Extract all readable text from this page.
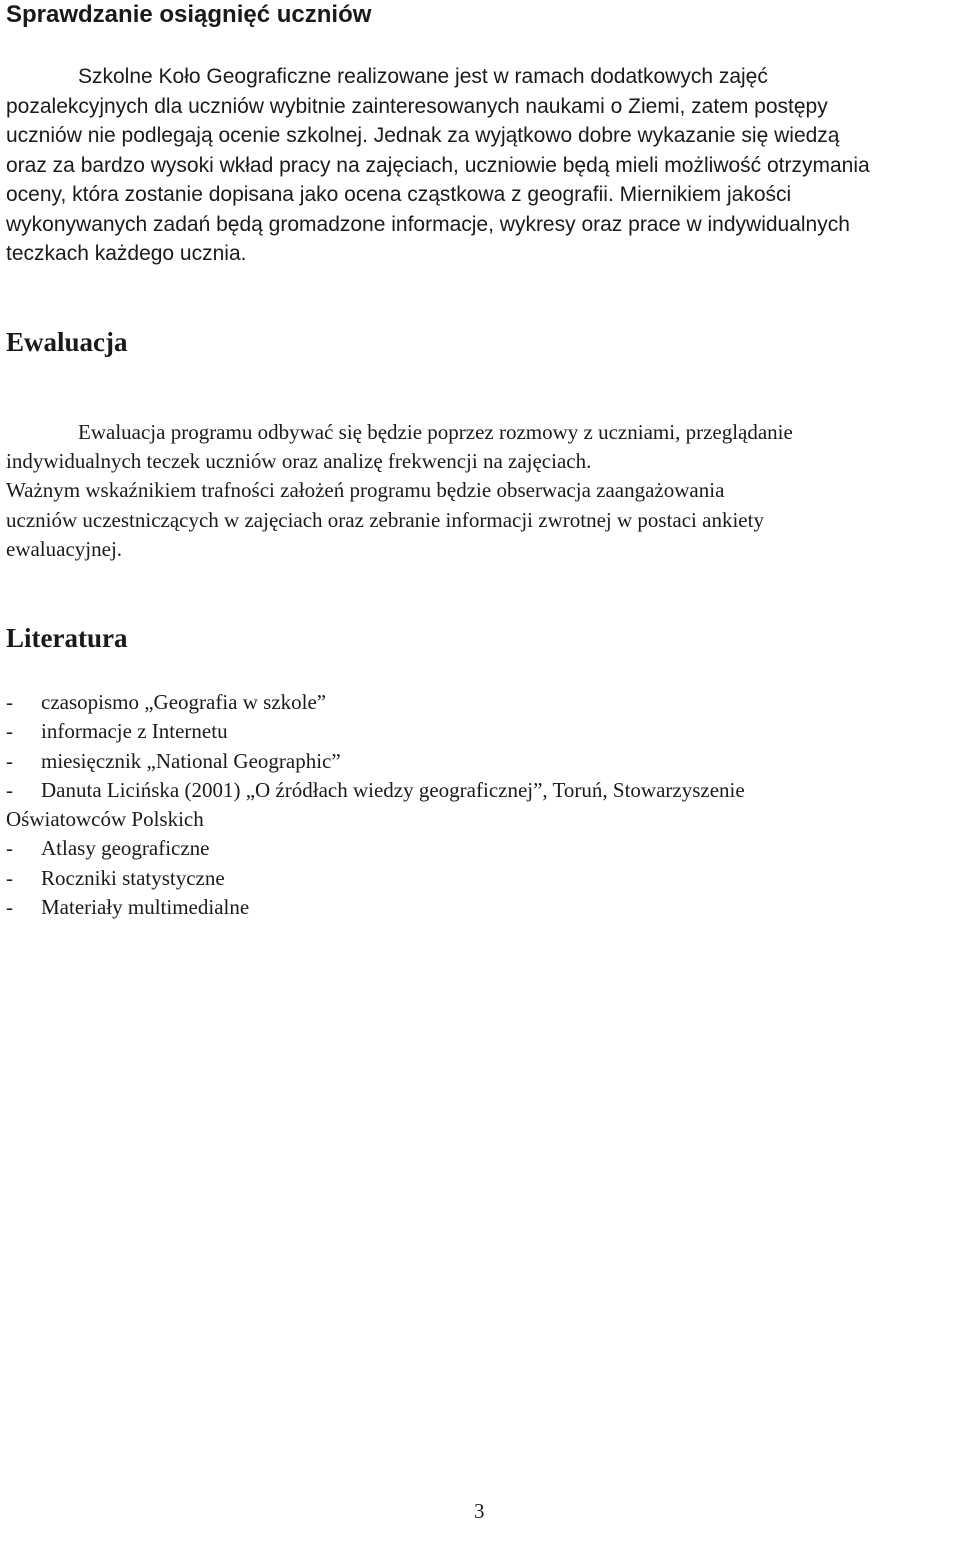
Sprawdzanie osiągnięć uczniów
Szkolne Koło Geograficzne realizowane jest w ramach dodatkowych zajęć
pozalekcyjnych dla uczniów wybitnie zainteresowanych naukami o Ziemi, zatem postępy
uczniów nie podlegają ocenie szkolnej. Jednak za wyjątkowo dobre wykazanie się wiedzą
oraz za bardzo wysoki wkład pracy na zajęciach, uczniowie będą mieli możliwość otrzymania
oceny, która zostanie dopisana jako ocena cząstkowa z geografii. Miernikiem jakości
wykonywanych zadań będą gromadzone informacje, wykresy oraz prace w indywidualnych
teczkach każdego ucznia.
Ewaluacja
Ewaluacja programu odbywać się będzie poprzez rozmowy z uczniami, przeglądanie
indywidualnych teczek uczniów oraz analizę frekwencji na zajęciach.
Ważnym wskaźnikiem trafności założeń programu będzie obserwacja zaangażowania
uczniów uczestniczących w zajęciach oraz zebranie informacji zwrotnej w postaci ankiety
ewaluacyjnej.
Literatura
- czasopismo „Geografia w szkole”
- informacje z Internetu
- miesięcznik „National Geographic”
- Danuta Licińska (2001) „O źródłach wiedzy geograficznej”, Toruń, Stowarzyszenie
Oświatowców Polskich
- Atlasy geograficzne
- Roczniki statystyczne
- Materiały multimedialne
3
